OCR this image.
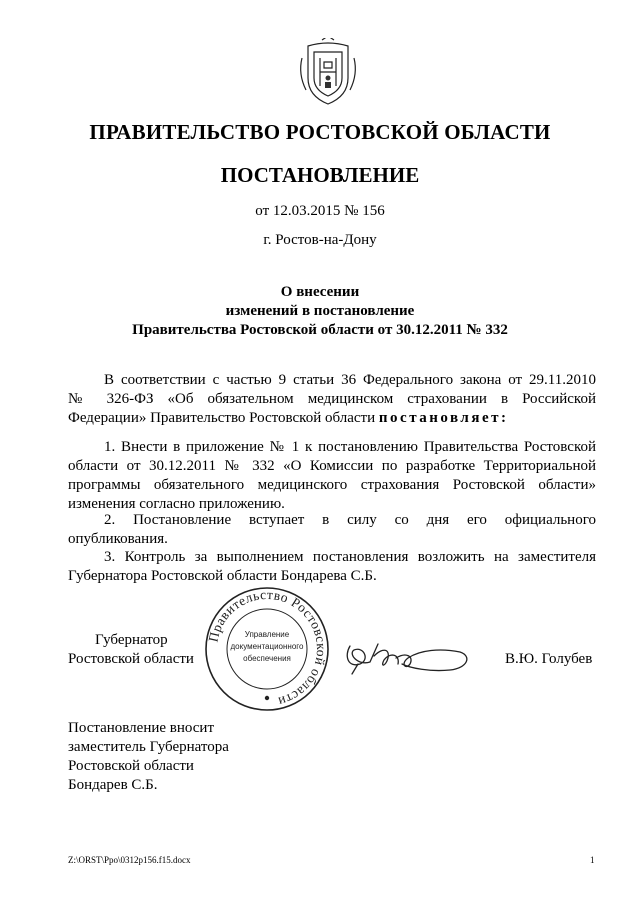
ПРАВИТЕЛЬСТВО РОСТОВСКОЙ ОБЛАСТИ
ПОСТАНОВЛЕНИЕ
от 12.03.2015 № 156
г. Ростов-на-Дону
О внесении
изменений в постановление
Правительства Ростовской области от 30.12.2011 № 332
В соответствии с частью 9 статьи 36 Федерального закона от 29.11.2010
№ 326-ФЗ «Об обязательном медицинском страховании в Российской
Федерации» Правительство Ростовской области постановляет:
1. Внести в приложение № 1 к постановлению Правительства Ростовской
области от 30.12.2011 № 332 «О Комиссии по разработке Территориальной
программы обязательного медицинского страхования Ростовской области»
изменения согласно приложению.
2. Постановление вступает в силу со дня его официального
опубликования.
3. Контроль за выполнением постановления возложить на заместителя
Губернатора Ростовской области Бондарева С.Б.
Губернатор
Ростовской области
Правительство Ростовской области
Управление
документационного
обеспечения	В.Ю. Голубев
Постановление вносит
заместитель Губернатора
Ростовской области
Бондарев С.Б.
Z:\ORST\Ppo\0312p156.f15.docx	1
